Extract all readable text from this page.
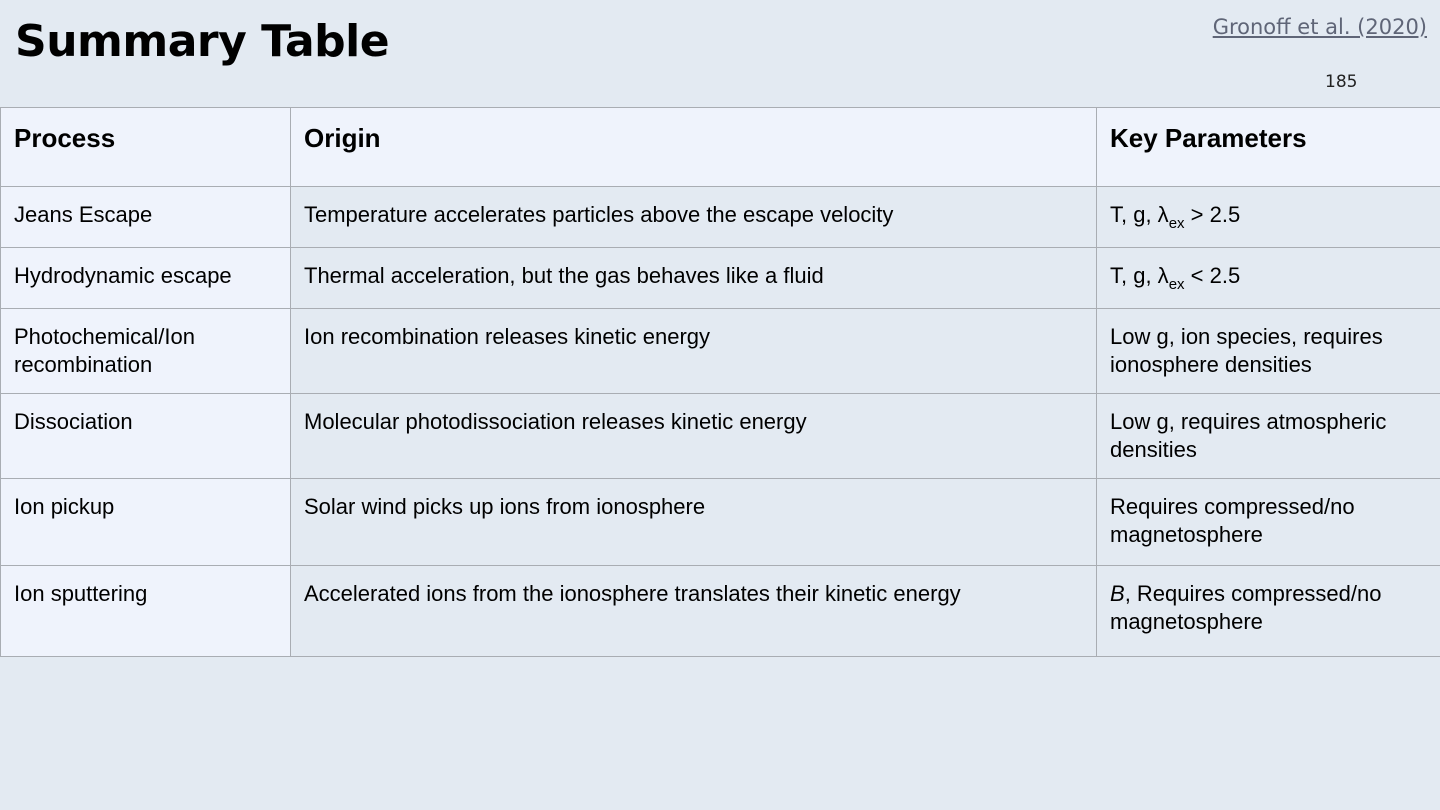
Summary Table	Gronoff et al. (2020)
185
Process	Origin	Key Parameters
Jeans Escape	Temperature accelerates particles above the escape velocity	T, g, $\lambda_{ex} > 2.5$
Hydrodynamic escape	Thermal acceleration, but the gas behaves like a fluid	T, g, $\lambda_{ex} < 2.5$
Photochemical/Ion recombination	Ion recombination releases kinetic energy	Low g, ion species, requires ionosphere densities
Dissociation	Molecular photodissociation releases kinetic energy	Low g, requires atmospheric densities
Ion pickup	Solar wind picks up ions from ionosphere	Requires compressed/no magnetosphere
Ion sputtering	Accelerated ions from the ionosphere translates their kinetic energy	B, Requires compressed/no magnetosphere
